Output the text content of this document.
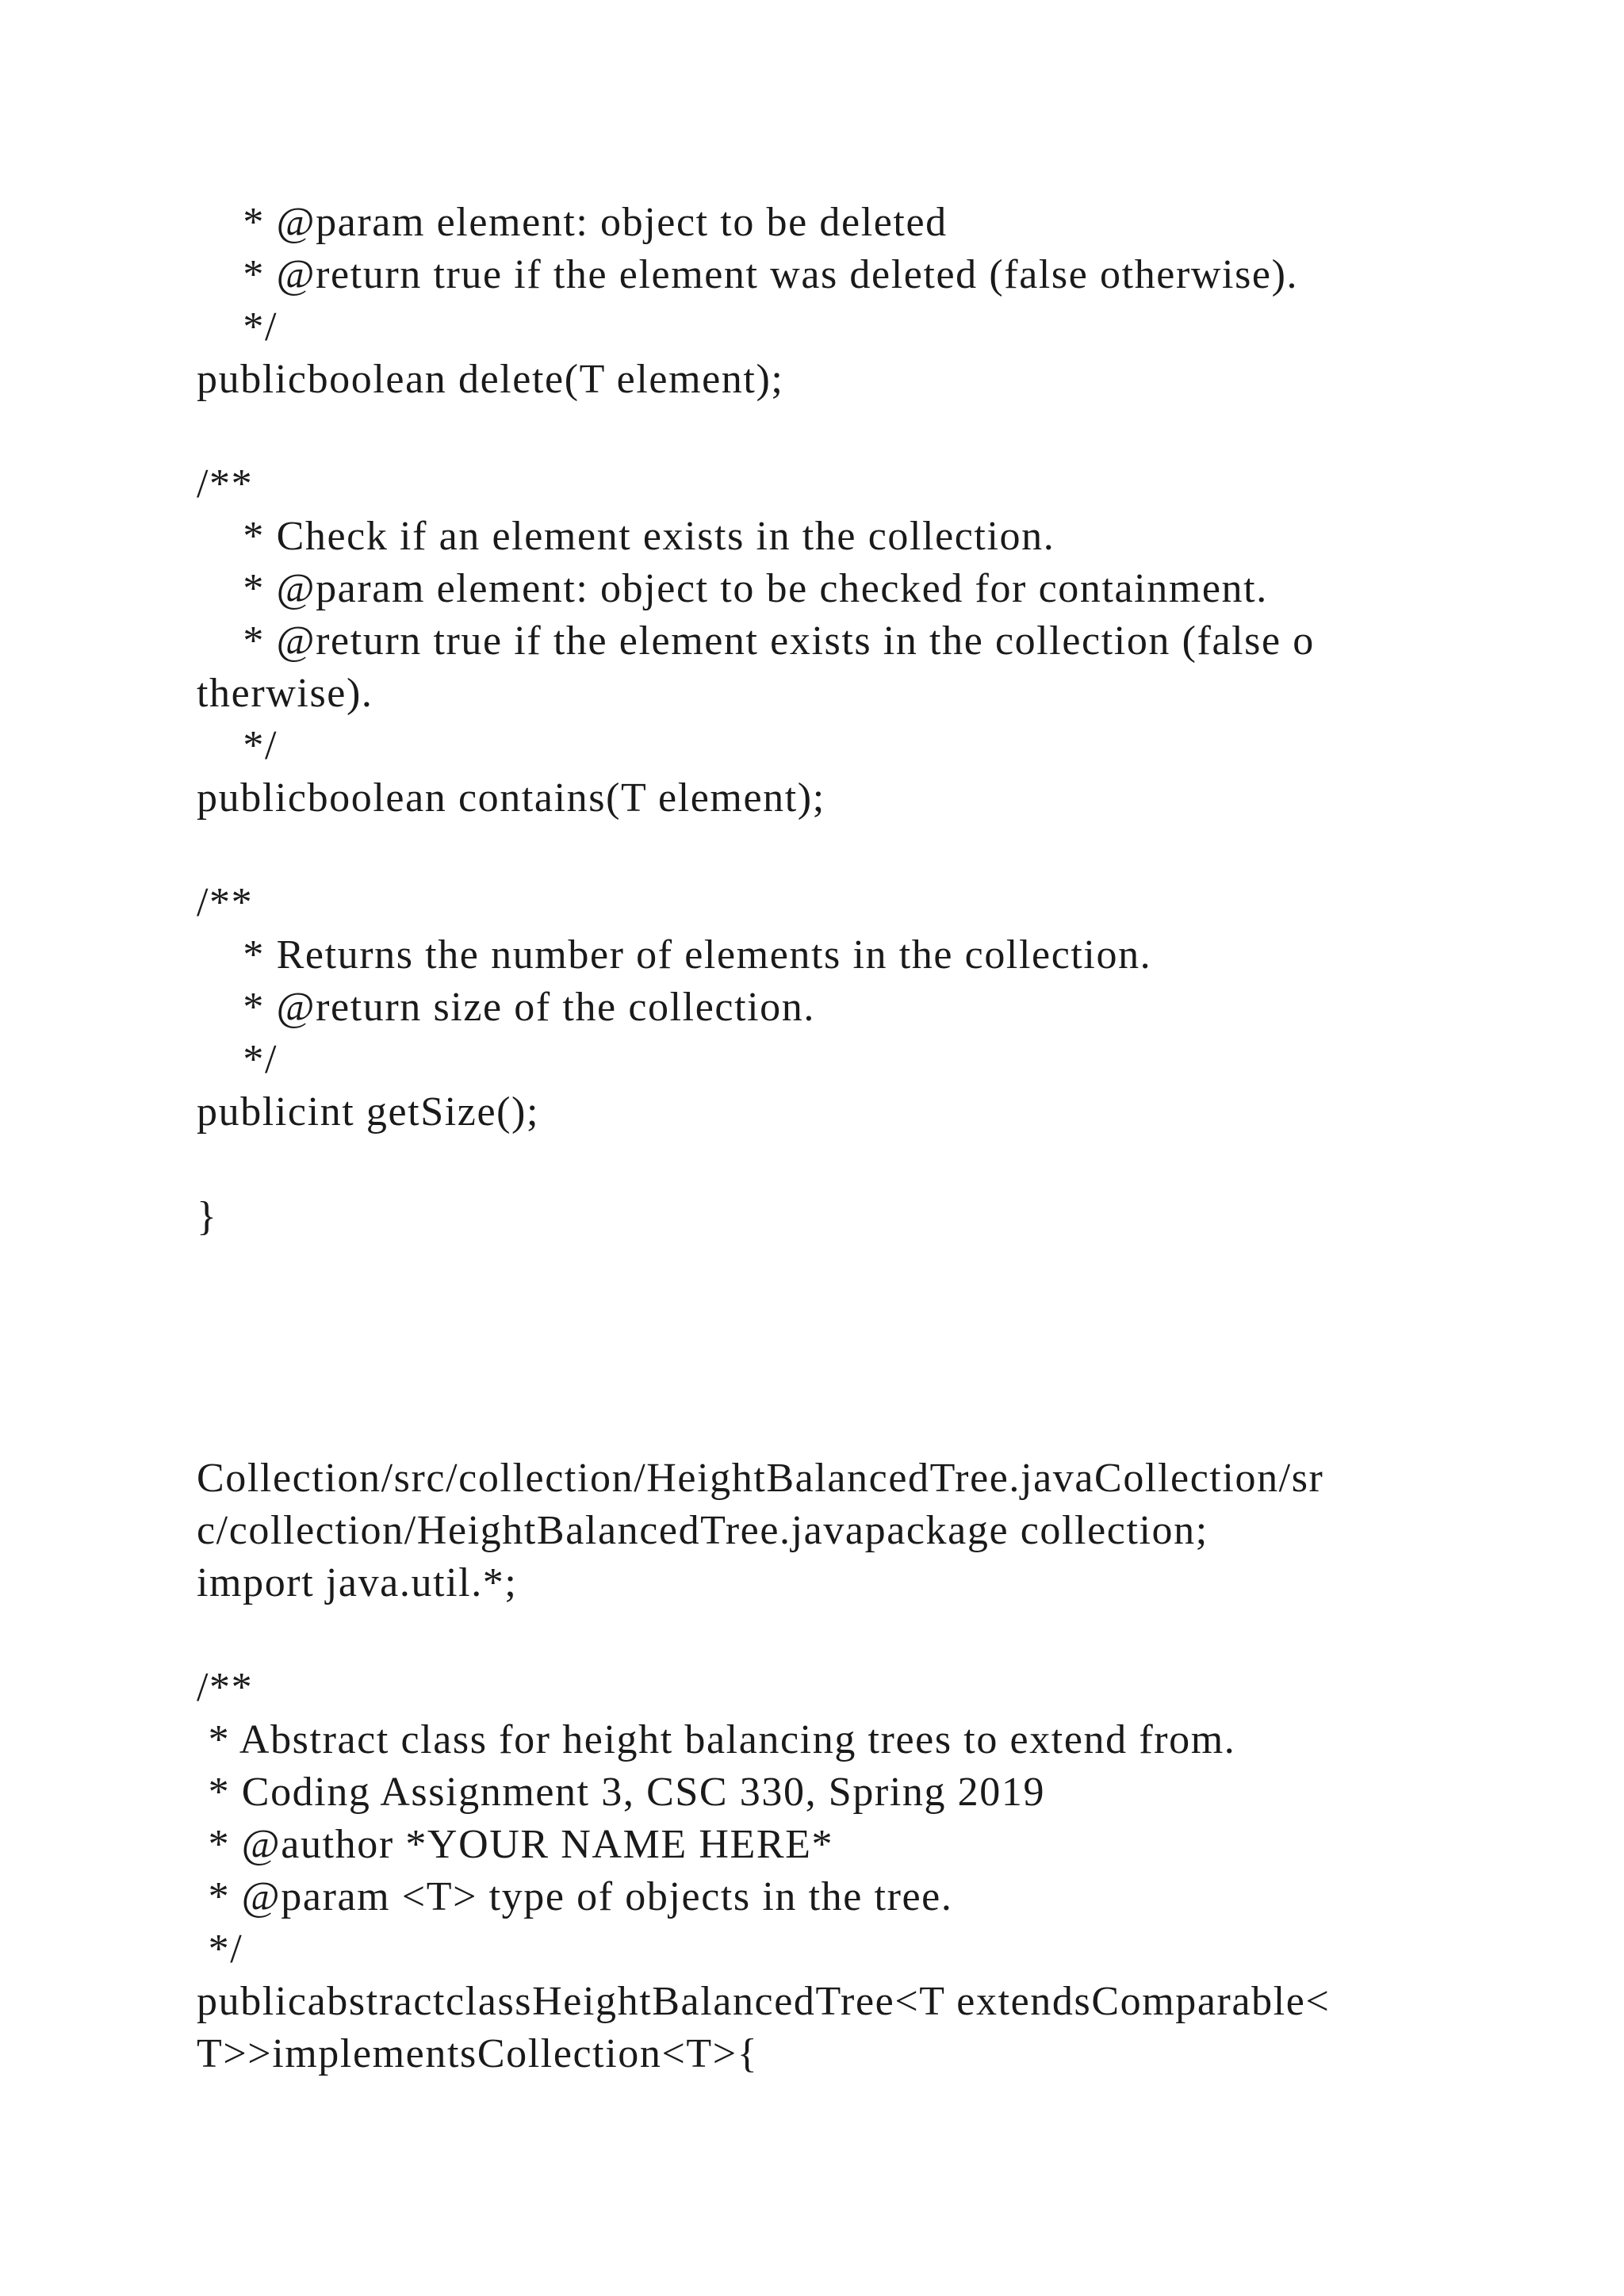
* @param element: object to be deleted
* @return true if the element was deleted (false otherwise).
*/
publicboolean delete(T element);
/**
* Check if an element exists in the collection.
* @param element: object to be checked for containment.
* @return true if the element exists in the collection (false o
therwise).
*/
publicboolean contains(T element);
/**
* Returns the number of elements in the collection.
* @return size of the collection.
*/
publicint getSize();
}
Collection/src/collection/HeightBalancedTree.javaCollection/sr
c/collection/HeightBalancedTree.javapackage collection;
import java.util.*;
/**
* Abstract class for height balancing trees to extend from.
* Coding Assignment 3, CSC 330, Spring 2019
* @author *YOUR NAME HERE*
* @param <T> type of objects in the tree.
*/
publicabstractclassHeightBalancedTree<T extendsComparable<
T>>implementsCollection<T>{
